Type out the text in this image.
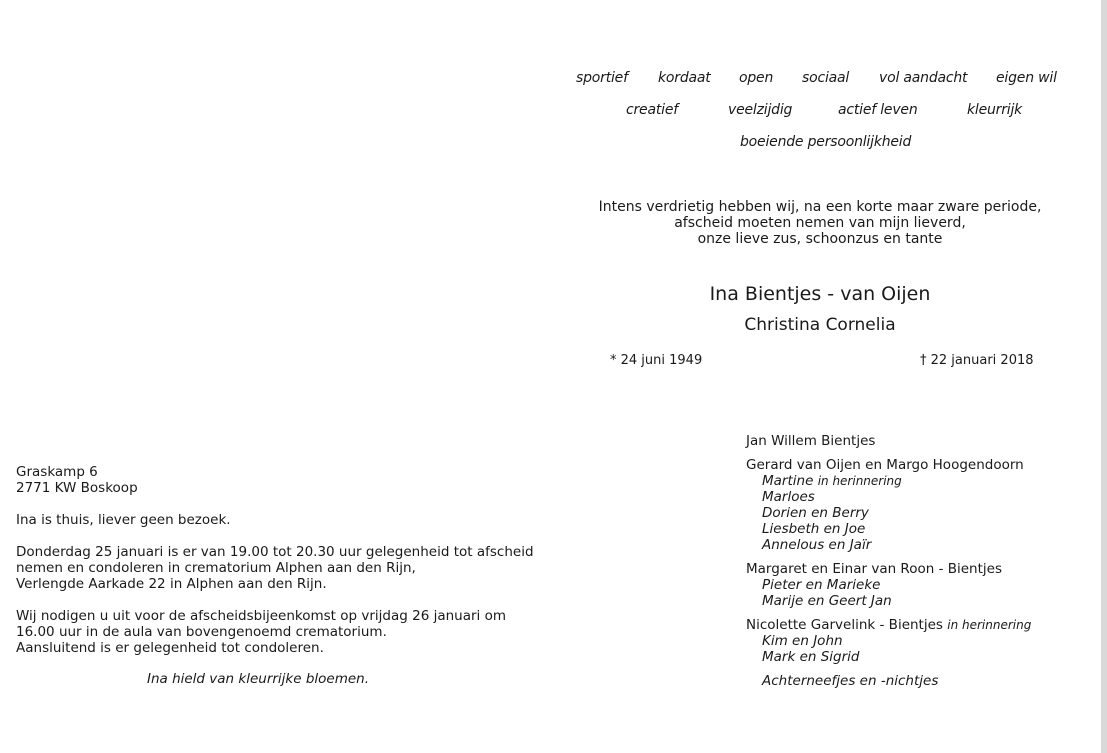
sportief kordaat open sociaal vol aandacht eigen wil
creatief	veelzijdig	actief leven	kleurrijk
boeiende persoonlijkheid
Intens verdrietig hebben wij, na een korte maar zware periode,
afscheid moeten nemen van mijn lieverd,
onze lieve zus, schoonzus en tante
Ina Bientjes - van Oijen
Christina Cornelia
* 24 juni 1949	† 22 januari 2018
Jan Willem Bientjes
Gerard van Oijen en Margo Hoogendoorn
Martine in herinnering
Marloes
Dorien en Berry
Liesbeth en Joe
Annelous en Jaïr
Margaret en Einar van Roon - Bientjes
Pieter en Marieke
Marije en Geert Jan
Nicolette Garvelink - Bientjes in herinnering
Kim en John
Mark en Sigrid
Achterneefjes en -nichtjes
Graskamp 6
2771 KW Boskoop
Ina is thuis, liever geen bezoek.
Donderdag 25 januari is er van 19.00 tot 20.30 uur gelegenheid tot afscheid
nemen en condoleren in crematorium Alphen aan den Rijn,
Verlengde Aarkade 22 in Alphen aan den Rijn.
Wij nodigen u uit voor de afscheidsbijeenkomst op vrijdag 26 januari om
16.00 uur in de aula van bovengenoemd crematorium.
Aansluitend is er gelegenheid tot condoleren.
Ina hield van kleurrijke bloemen.
